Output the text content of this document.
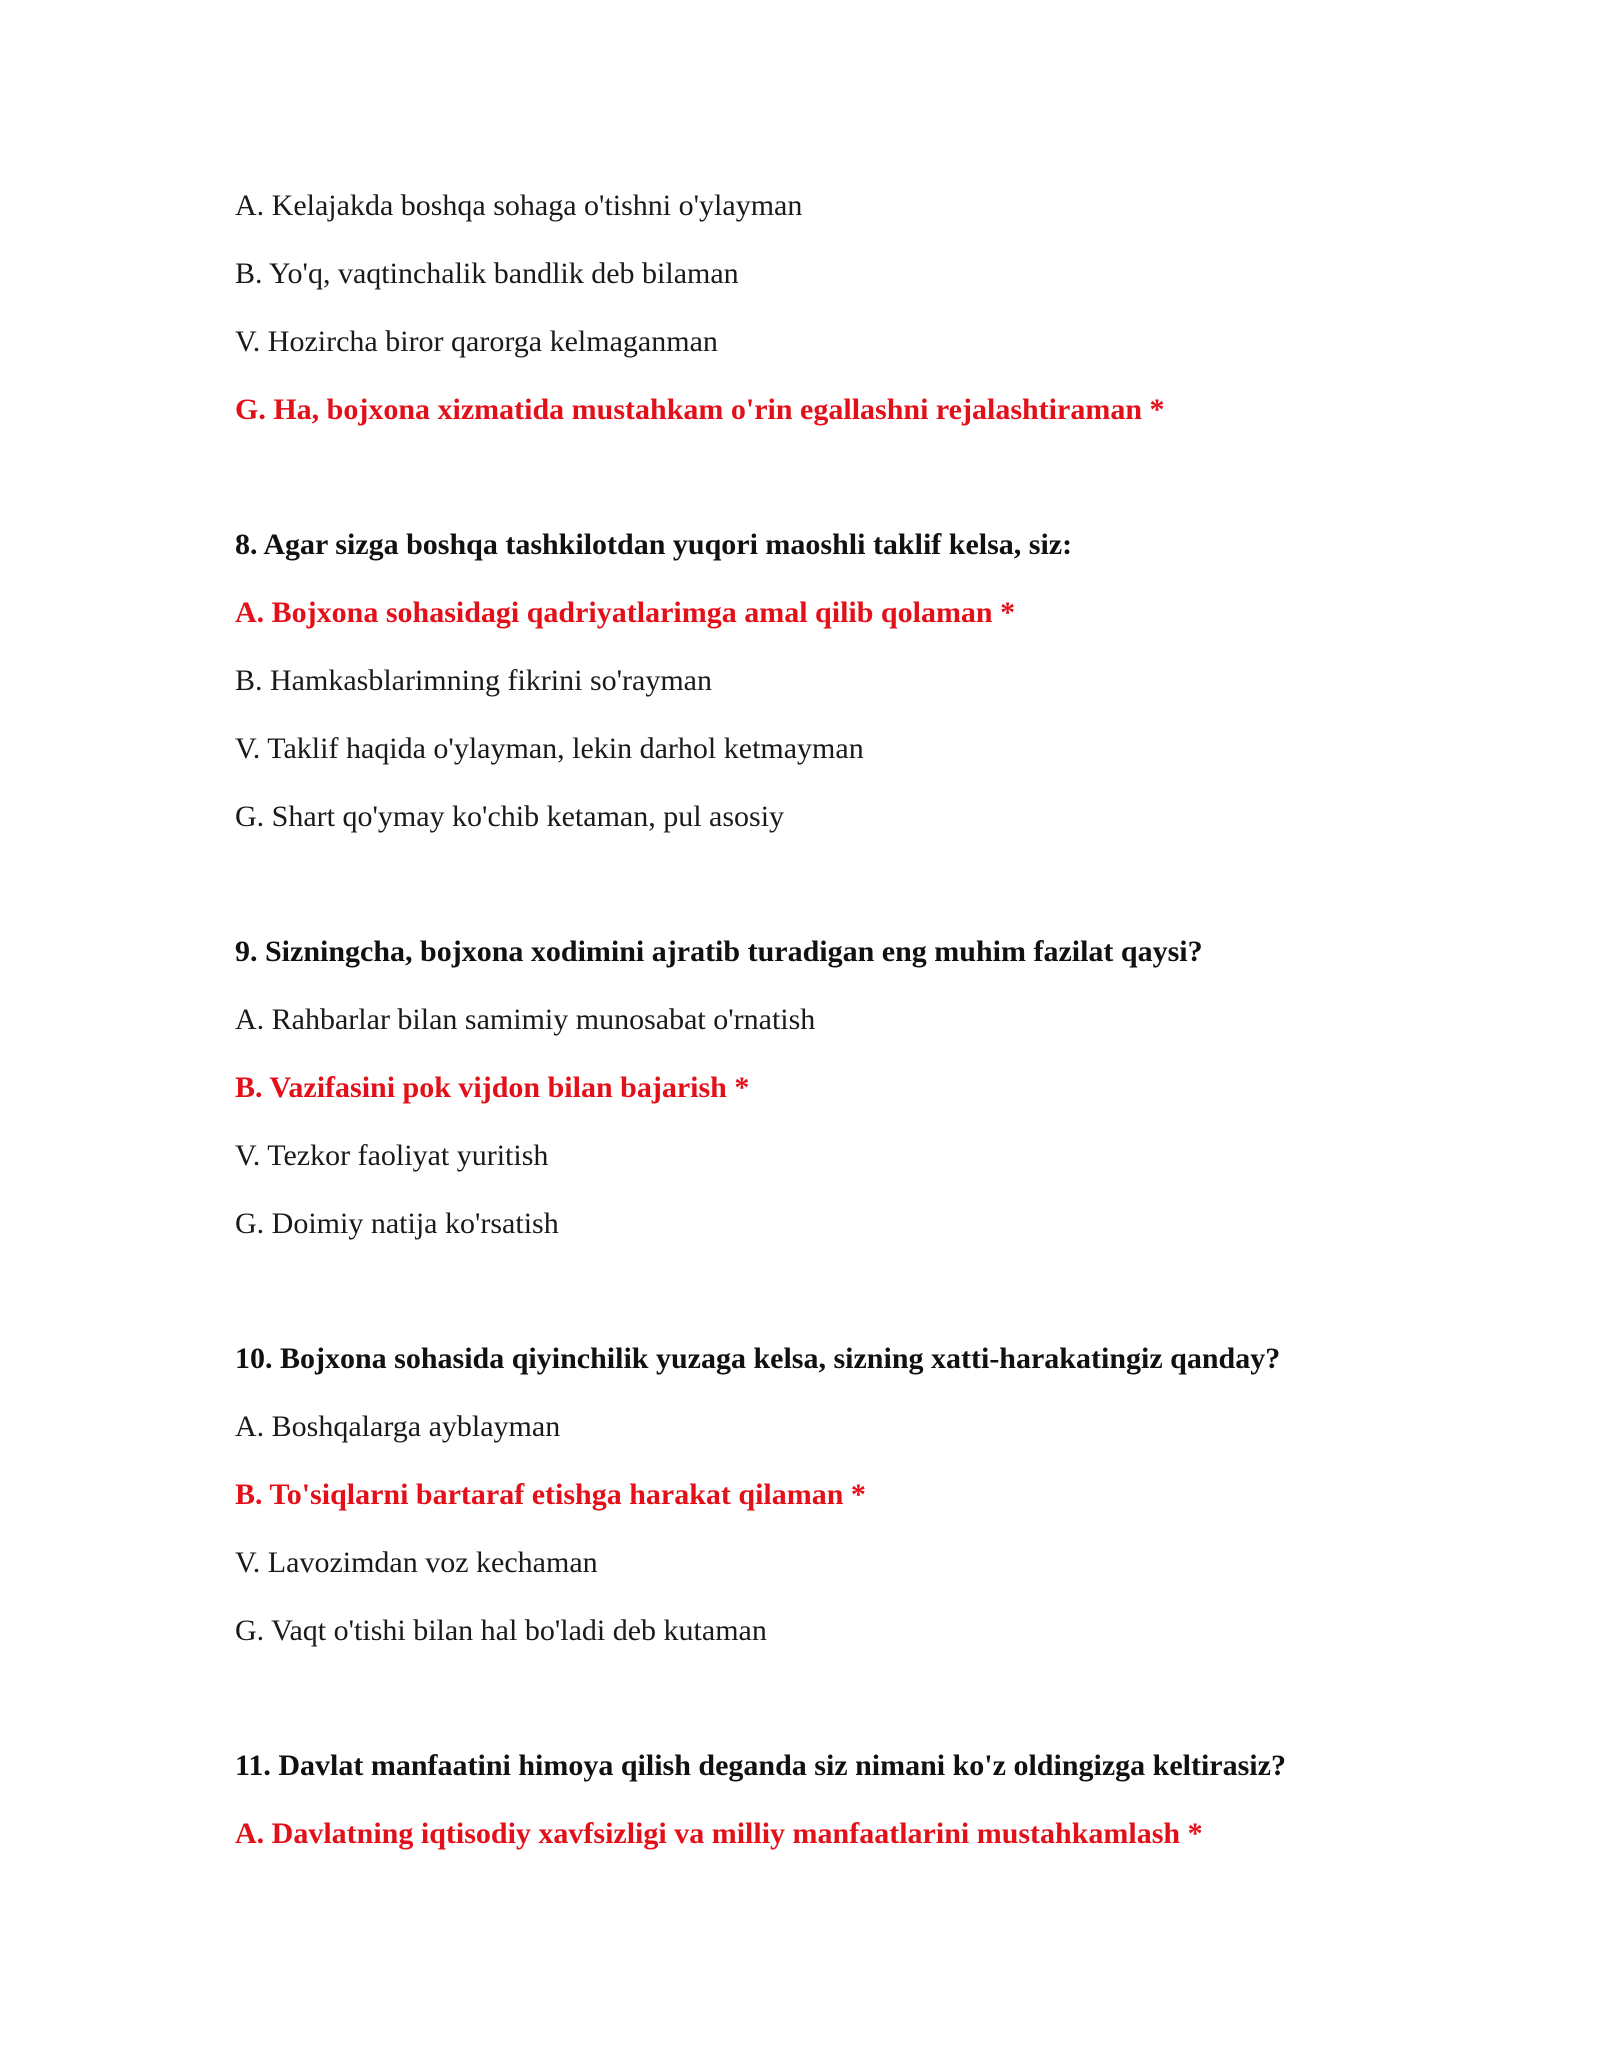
A. Kelajakda boshqa sohaga o'tishni o'ylayman
B. Yo'q, vaqtinchalik bandlik deb bilaman
V. Hozircha biror qarorga kelmaganman
G. Ha, bojxona xizmatida mustahkam o'rin egallashni rejalashtiraman *
8. Agar sizga boshqa tashkilotdan yuqori maoshli taklif kelsa, siz:
A. Bojxona sohasidagi qadriyatlarimga amal qilib qolaman *
B. Hamkasblarimning fikrini so'rayman
V. Taklif haqida o'ylayman, lekin darhol ketmayman
G. Shart qo'ymay ko'chib ketaman, pul asosiy
9. Sizningcha, bojxona xodimini ajratib turadigan eng muhim fazilat qaysi?
A. Rahbarlar bilan samimiy munosabat o'rnatish
B. Vazifasini pok vijdon bilan bajarish *
V. Tezkor faoliyat yuritish
G. Doimiy natija ko'rsatish
10. Bojxona sohasida qiyinchilik yuzaga kelsa, sizning xatti-harakatingiz qanday?
A. Boshqalarga ayblayman
B. To'siqlarni bartaraf etishga harakat qilaman *
V. Lavozimdan voz kechaman
G. Vaqt o'tishi bilan hal bo'ladi deb kutaman
11. Davlat manfaatini himoya qilish deganda siz nimani ko'z oldingizga keltirasiz?
A. Davlatning iqtisodiy xavfsizligi va milliy manfaatlarini mustahkamlash *
